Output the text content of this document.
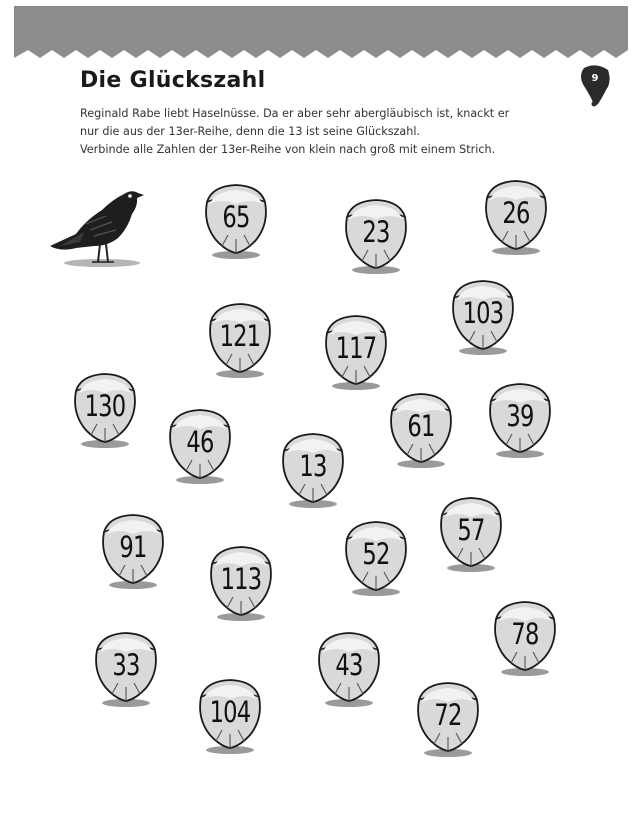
9
Die Glückszahl
Reginald Rabe liebt Haselnüsse. Da er aber sehr abergläubisch ist, knackt er
nur die aus der 13er-Reihe, denn die 13 ist seine Glückszahl.
Verbinde alle Zahlen der 13er-Reihe von klein nach groß mit einem Strich.
65	23
26
121	117
103
130
46
13
61	39
91
113
52
57
33
104
43
72
78
